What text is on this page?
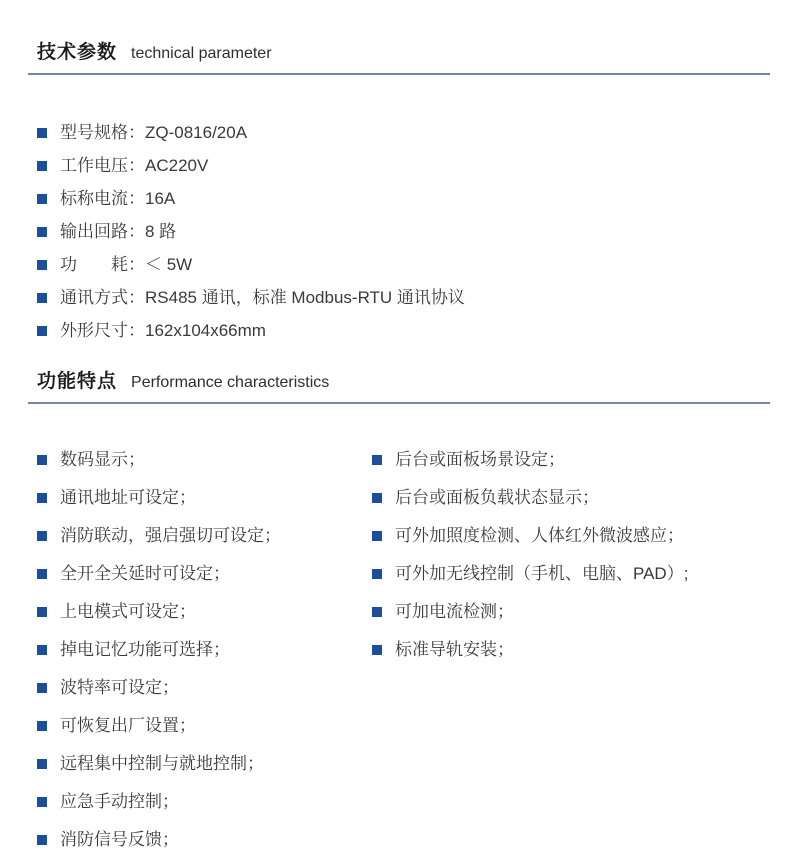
技术参数 technical parameter
型号规格：ZQ-0816/20A
工作电压：AC220V
标称电流：16A
输出回路：8 路
功　　耗：＜ 5W
通讯方式：RS485 通讯，标准 Modbus-RTU 通讯协议
外形尺寸：162x104x66mm
功能特点 Performance characteristics
数码显示；
通讯地址可设定；
消防联动，强启强切可设定；
全开全关延时可设定；
上电模式可设定；
掉电记忆功能可选择；
波特率可设定；
可恢复出厂设置；
远程集中控制与就地控制；
应急手动控制；
消防信号反馈；
后台或面板场景设定；
后台或面板负载状态显示；
可外加照度检测、人体红外微波感应；
可外加无线控制（手机、电脑、PAD）;
可加电流检测；
标准导轨安装；
